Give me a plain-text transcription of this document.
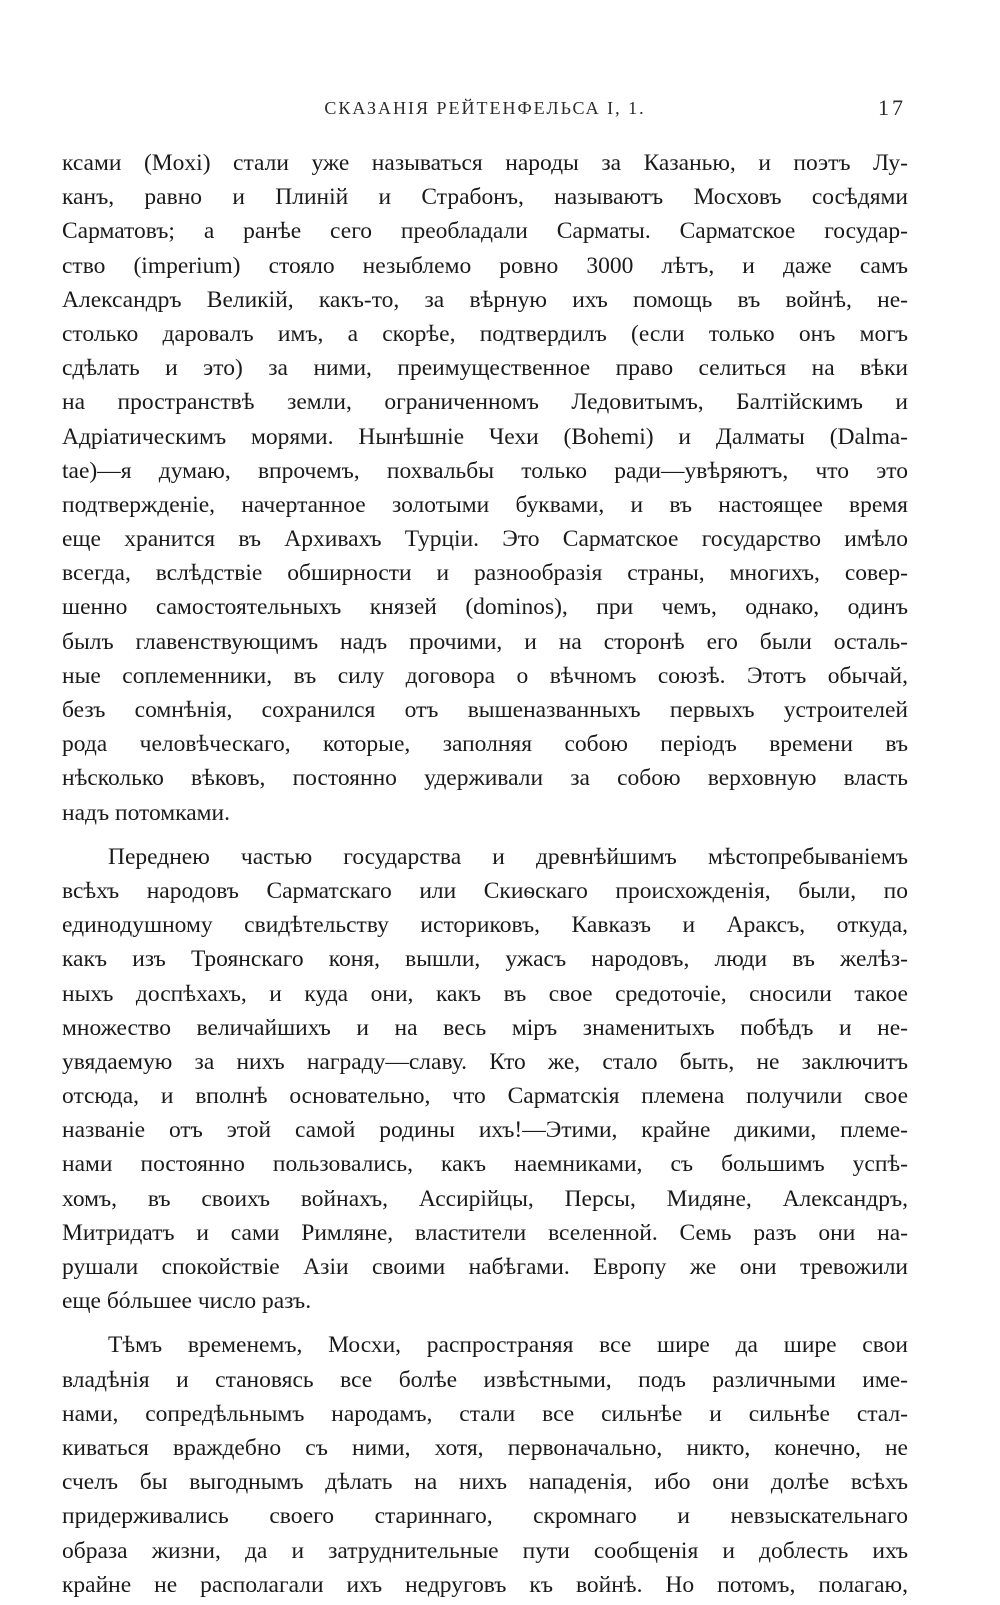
СКАЗАНІЯ РЕЙТЕНФЕЛЬСА I, 1.	17
ксами (Moxi) стали уже называться народы за Казанью, и поэтъ Лу-
канъ, равно и Плиній и Страбонъ, называютъ Мосховъ сосѣдями
Сарматовъ; а ранѣе сего преобладали Сарматы. Сарматское государ-
ство (imperium) стояло незыблемо ровно 3000 лѣтъ, и даже самъ
Александръ Великій, какъ-то, за вѣрную ихъ помощь въ войнѣ, не-
столько даровалъ имъ, а скорѣе, подтвердилъ (если только онъ могъ
сдѣлать и это) за ними, преимущественное право селиться на вѣки
на пространствѣ земли, ограниченномъ Ледовитымъ, Балтійскимъ и
Адріатическимъ морями. Нынѣшніе Чехи (Bohemi) и Далматы (Dalma-
tae)—я думаю, впрочемъ, похвальбы только ради—увѣряютъ, что это
подтвержденіе, начертанное золотыми буквами, и въ настоящее время
еще хранится въ Архивахъ Турціи. Это Сарматское государство имѣло
всегда, вслѣдствіе обширности и разнообразія страны, многихъ, совер-
шенно самостоятельныхъ князей (dominos), при чемъ, однако, одинъ
былъ главенствующимъ надъ прочими, и на сторонѣ его были осталь-
ные соплеменники, въ силу договора о вѣчномъ союзѣ. Этотъ обычай,
безъ сомнѣнія, сохранился отъ вышеназванныхъ первыхъ устроителей
рода человѣческаго, которые, заполняя собою періодъ времени въ
нѣсколько вѣковъ, постоянно удерживали за собою верховную власть
надъ потомками.
Переднею частью государства и древнѣйшимъ мѣстопребываніемъ
всѣхъ народовъ Сарматскаго или Скиѳскаго происхожденія, были, по
единодушному свидѣтельству историковъ, Кавказъ и Араксъ, откуда,
какъ изъ Троянскаго коня, вышли, ужасъ народовъ, люди въ желѣз-
ныхъ доспѣхахъ, и куда они, какъ въ свое средоточіе, сносили такое
множество величайшихъ и на весь міръ знаменитыхъ побѣдъ и не-
увядаемую за нихъ награду—славу. Кто же, стало быть, не заключитъ
отсюда, и вполнѣ основательно, что Сарматскія племена получили свое
названіе отъ этой самой родины ихъ!—Этими, крайне дикими, племе-
нами постоянно пользовались, какъ наемниками, съ большимъ успѣ-
хомъ, въ своихъ войнахъ, Ассирійцы, Персы, Мидяне, Александръ,
Митридатъ и сами Римляне, властители вселенной. Семь разъ они на-
рушали спокойствіе Азіи своими набѣгами. Европу же они тревожили
еще бóльшее число разъ.
Тѣмъ временемъ, Мосхи, распространяя все шире да шире свои
владѣнія и становясь все болѣе извѣстными, подъ различными име-
нами, сопредѣльнымъ народамъ, стали все сильнѣе и сильнѣе стал-
киваться враждебно съ ними, хотя, первоначально, никто, конечно, не
счелъ бы выгоднымъ дѣлать на нихъ нападенія, ибо они долѣе всѣхъ
придерживались своего стариннаго, скромнаго и невзыскательнаго
образа жизни, да и затруднительные пути сообщенія и доблесть ихъ
крайне не располагали ихъ недруговъ къ войнѣ. Но потомъ, полагаю,
